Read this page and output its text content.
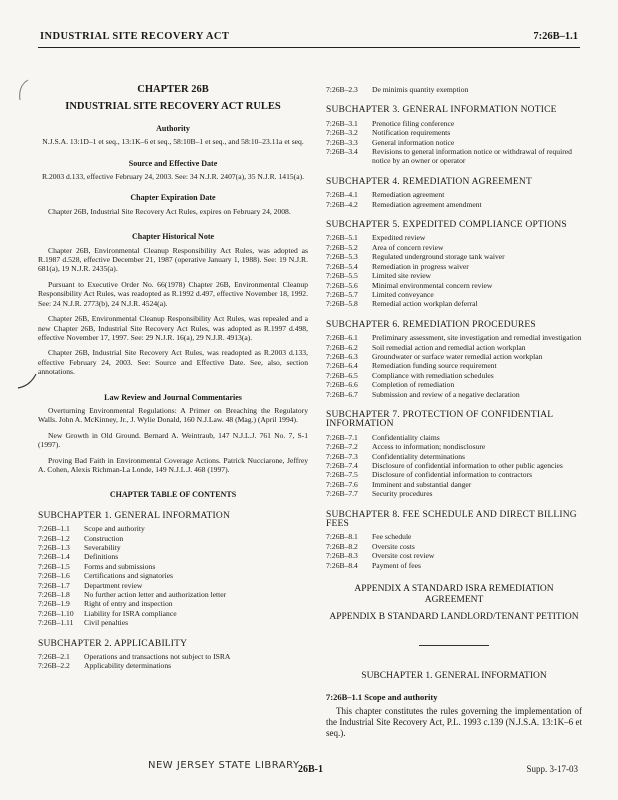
INDUSTRIAL SITE RECOVERY ACT	7:26B–1.1
CHAPTER 26B
INDUSTRIAL SITE RECOVERY ACT RULES
Authority

N.J.S.A. 13:1D–1 et seq., 13:1K–6 et seq., 58:10B–1 et seq., and 58:10–23.11a et seq.

Source and Effective Date

R.2003 d.133, effective February 24, 2003. See: 34 N.J.R. 2407(a), 35 N.J.R. 1415(a).

Chapter Expiration Date

Chapter 26B, Industrial Site Recovery Act Rules, expires on February 24, 2008.

Chapter Historical Note

Chapter 26B, Environmental Cleanup Responsibility Act Rules, was adopted as R.1987 d.528, effective December 21, 1987 (operative January 1, 1988). See: 19 N.J.R. 681(a), 19 N.J.R. 2435(a).

Pursuant to Executive Order No. 66(1978) Chapter 26B, Environmental Cleanup Responsibility Act Rules, was readopted as R.1992 d.497, effective November 18, 1992. See: 24 N.J.R. 2773(b), 24 N.J.R. 4524(a).

Chapter 26B, Environmental Cleanup Responsibility Act Rules, was repealed and a new Chapter 26B, Industrial Site Recovery Act Rules, was adopted as R.1997 d.498, effective November 17, 1997. See: 29 N.J.R. 16(a), 29 N.J.R. 4913(a).

Chapter 26B, Industrial Site Recovery Act Rules, was readopted as R.2003 d.133, effective February 24, 2003. See: Source and Effective Date. See, also, section annotations.

Law Review and Journal Commentaries

Overturning Environmental Regulations: A Primer on Breaching the Regulatory Walls. John A. McKinney, Jr., J. Wylie Donald, 160 N.J.Law. 48 (Mag.) (April 1994).

New Growth in Old Ground. Bernard A. Weintraub, 147 N.J.L.J. 761 No. 7, S-1 (1997).

Proving Bad Faith in Environmental Coverage Actions. Patrick Nucciarone, Jeffrey A. Cohen, Alexis Richman-La Londe, 149 N.J.L.J. 468 (1997).

CHAPTER TABLE OF CONTENTS
SUBCHAPTER 1. GENERAL INFORMATION
7:26B–1.1	Scope and authority
7:26B–1.2	Construction
7:26B–1.3	Severability
7:26B–1.4	Definitions
7:26B–1.5	Forms and submissions
7:26B–1.6	Certifications and signatories
7:26B–1.7	Department review
7:26B–1.8	No further action letter and authorization letter
7:26B–1.9	Right of entry and inspection
7:26B–1.10	Liability for ISRA compliance
7:26B–1.11	Civil penalties
SUBCHAPTER 2. APPLICABILITY
7:26B–2.1	Operations and transactions not subject to ISRA
7:26B–2.2	Applicability determinations
7:26B–2.3	De minimis quantity exemption
SUBCHAPTER 3. GENERAL INFORMATION NOTICE
7:26B–3.1	Prenotice filing conference
7:26B–3.2	Notification requirements
7:26B–3.3	General information notice
7:26B–3.4	Revisions to general information notice or withdrawal of required notice by an owner or operator
SUBCHAPTER 4. REMEDIATION AGREEMENT
7:26B–4.1	Remediation agreement
7:26B–4.2	Remediation agreement amendment
SUBCHAPTER 5. EXPEDITED COMPLIANCE OPTIONS
7:26B–5.1	Expedited review
7:26B–5.2	Area of concern review
7:26B–5.3	Regulated underground storage tank waiver
7:26B–5.4	Remediation in progress waiver
7:26B–5.5	Limited site review
7:26B–5.6	Minimal environmental concern review
7:26B–5.7	Limited conveyance
7:26B–5.8	Remedial action workplan deferral
SUBCHAPTER 6. REMEDIATION PROCEDURES
7:26B–6.1	Preliminary assessment, site investigation and remedial investigation
7:26B–6.2	Soil remedial action and remedial action workplan
7:26B–6.3	Groundwater or surface water remedial action workplan
7:26B–6.4	Remediation funding source requirement
7:26B–6.5	Compliance with remediation schedules
7:26B–6.6	Completion of remediation
7:26B–6.7	Submission and review of a negative declaration
SUBCHAPTER 7. PROTECTION OF CONFIDENTIAL INFORMATION
7:26B–7.1	Confidentiality claims
7:26B–7.2	Access to information; nondisclosure
7:26B–7.3	Confidentiality determinations
7:26B–7.4	Disclosure of confidential information to other public agencies
7:26B–7.5	Disclosure of confidential information to contractors
7:26B–7.6	Imminent and substantial danger
7:26B–7.7	Security procedures
SUBCHAPTER 8. FEE SCHEDULE AND DIRECT BILLING FEES
7:26B–8.1	Fee schedule
7:26B–8.2	Oversite costs
7:26B–8.3	Oversite cost review
7:26B–8.4	Payment of fees
APPENDIX A STANDARD ISRA REMEDIATION AGREEMENT
APPENDIX B STANDARD LANDLORD/TENANT PETITION
SUBCHAPTER 1. GENERAL INFORMATION
7:26B–1.1 Scope and authority

This chapter constitutes the rules governing the implementation of the Industrial Site Recovery Act, P.L. 1993 c.139 (N.J.S.A. 13:1K–6 et seq.).

NEW JERSEY STATE LIBRARY
26B-1	Supp. 3-17-03
